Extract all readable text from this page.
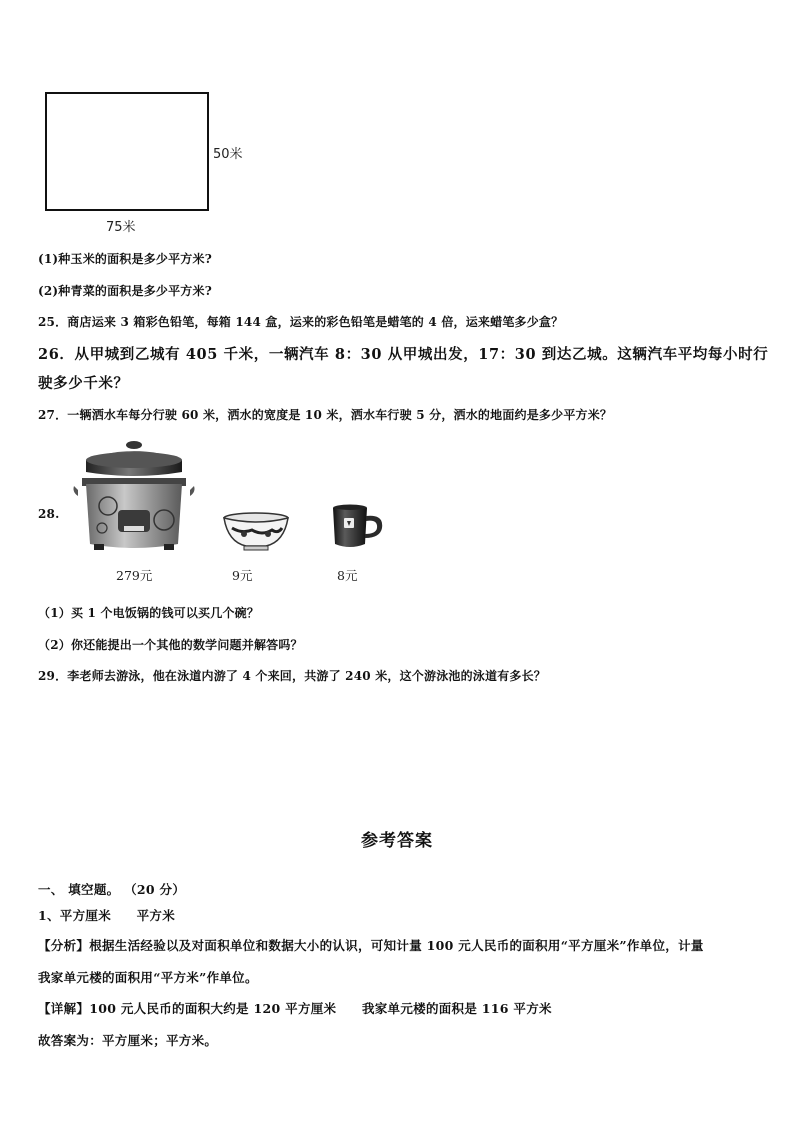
50米
75米
(1)种玉米的面积是多少平方米?
(2)种青菜的面积是多少平方米?
25．商店运来 3 箱彩色铅笔，每箱 144 盒，运来的彩色铅笔是蜡笔的 4 倍，运来蜡笔多少盒？
26．从甲城到乙城有 405 千米，一辆汽车 8：30 从甲城出发，17：30 到达乙城。这辆汽车平均每小时行
驶多少千米？
27．一辆洒水车每分行驶 60 米，洒水的宽度是 10 米，洒水车行驶 5 分，洒水的地面约是多少平方米？
28.
279元	9元	8元
（1）买 1 个电饭锅的钱可以买几个碗？
（2）你还能提出一个其他的数学问题并解答吗？
29．李老师去游泳，他在泳道内游了 4 个来回，共游了 240 米，这个游泳池的泳道有多长？
参考答案
一、 填空题。 （20 分）
1、平方厘米　　平方米
【分析】根据生活经验以及对面积单位和数据大小的认识，可知计量 100 元人民币的面积用“平方厘米”作单位，计量
我家单元楼的面积用“平方米”作单位。
【详解】100 元人民币的面积大约是 120 平方厘米　　我家单元楼的面积是 116 平方米
故答案为：平方厘米；平方米。
